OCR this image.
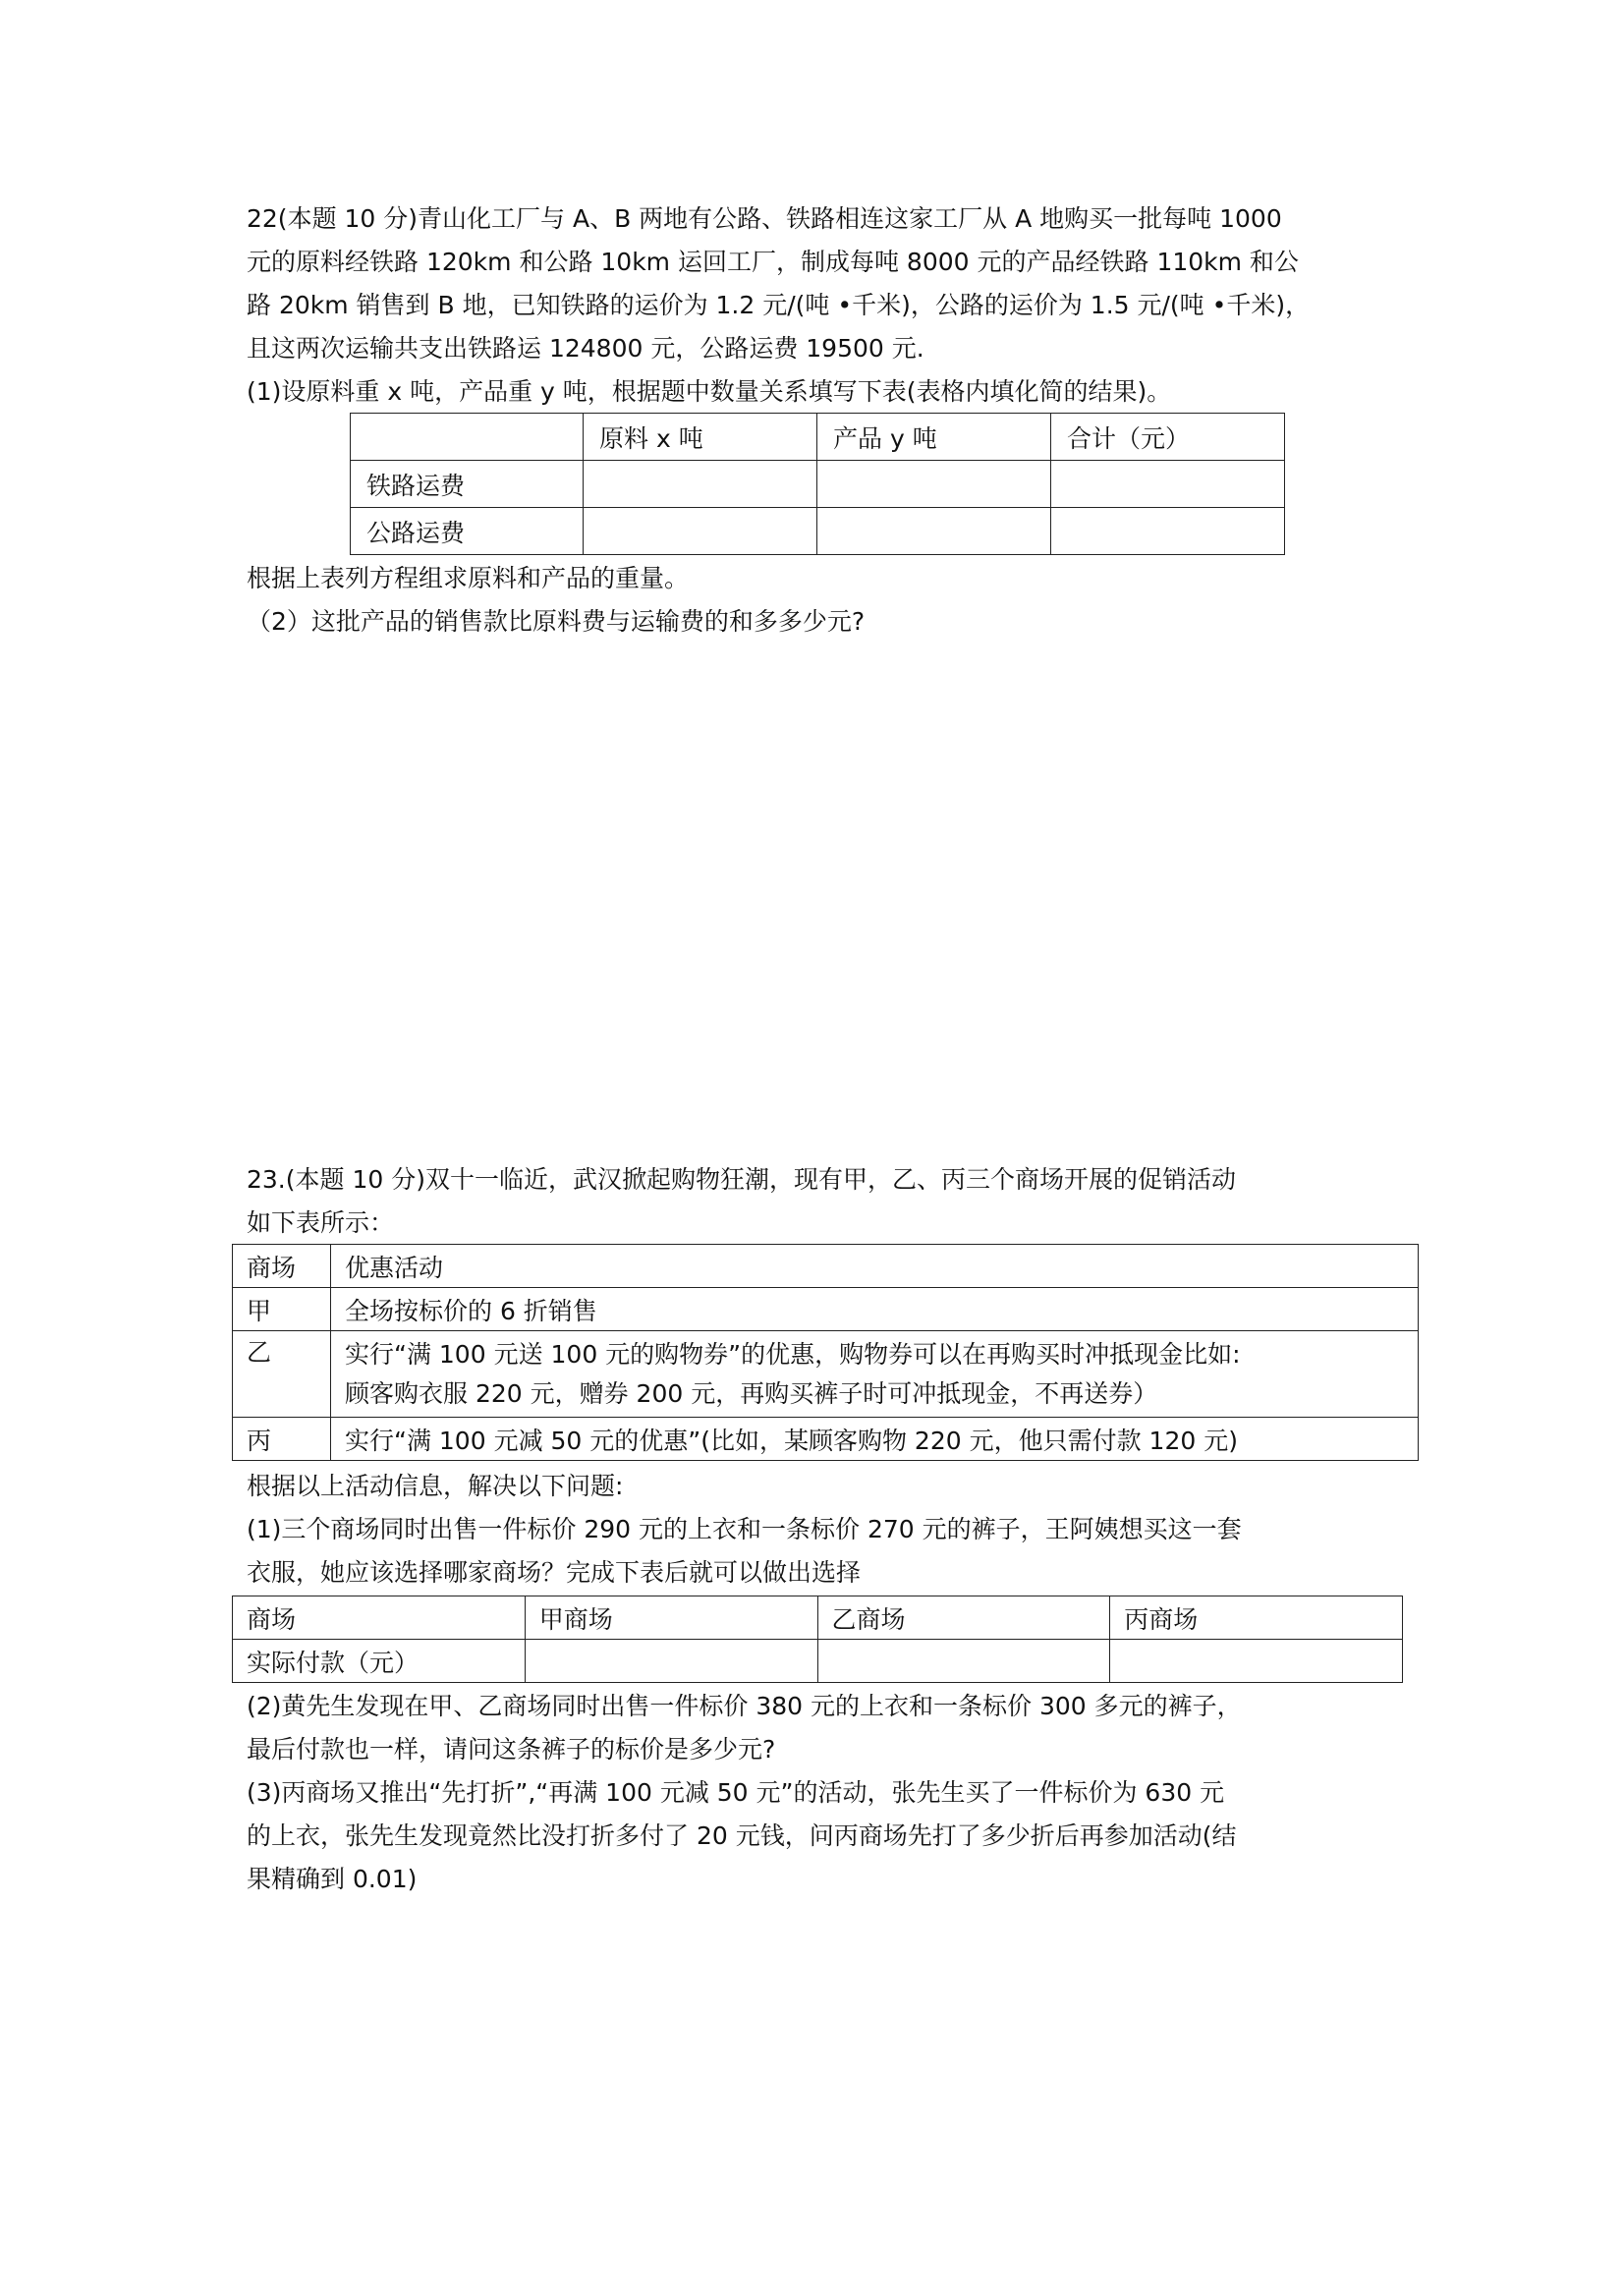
22(本题 10 分)青山化工厂与 A、B 两地有公路、铁路相连这家工厂从 A 地购买一批每吨 1000
元的原料经铁路 120km 和公路 10km 运回工厂，制成每吨 8000 元的产品经铁路 110km 和公
路 20km 销售到 B 地，已知铁路的运价为 1.2 元/(吨 •千米)，公路的运价为 1.5 元/(吨 •千米)，
且这两次运输共支出铁路运 124800 元，公路运费 19500 元.
(1)设原料重 x 吨，产品重 y 吨，根据题中数量关系填写下表(表格内填化简的结果)。
	原料 x 吨	产品 y 吨	合计（元）
铁路运费			
公路运费			
根据上表列方程组求原料和产品的重量。
（2）这批产品的销售款比原料费与运输费的和多多少元?
23.(本题 10 分)双十一临近，武汉掀起购物狂潮，现有甲，乙、丙三个商场开展的促销活动
如下表所示：
商场	优惠活动
甲	全场按标价的 6 折销售
乙	实行“满 100 元送 100 元的购物券”的优惠，购物券可以在再购买时冲抵现金比如:
顾客购衣服 220 元，赠券 200 元，再购买裤子时可冲抵现金，不再送券）

丙	实行“满 100 元减 50 元的优惠”(比如，某顾客购物 220 元，他只需付款 120 元)
根据以上活动信息，解决以下问题:
(1)三个商场同时出售一件标价 290 元的上衣和一条标价 270 元的裤子，王阿姨想买这一套
衣服，她应该选择哪家商场？完成下表后就可以做出选择
商场	甲商场	乙商场	丙商场
实际付款（元）			
(2)黄先生发现在甲、乙商场同时出售一件标价 380 元的上衣和一条标价 300 多元的裤子，
最后付款也一样，请问这条裤子的标价是多少元?
(3)丙商场又推出“先打折”,“再满 100 元减 50 元”的活动，张先生买了一件标价为 630 元
的上衣，张先生发现竟然比没打折多付了 20 元钱，问丙商场先打了多少折后再参加活动(结
果精确到 0.01)
